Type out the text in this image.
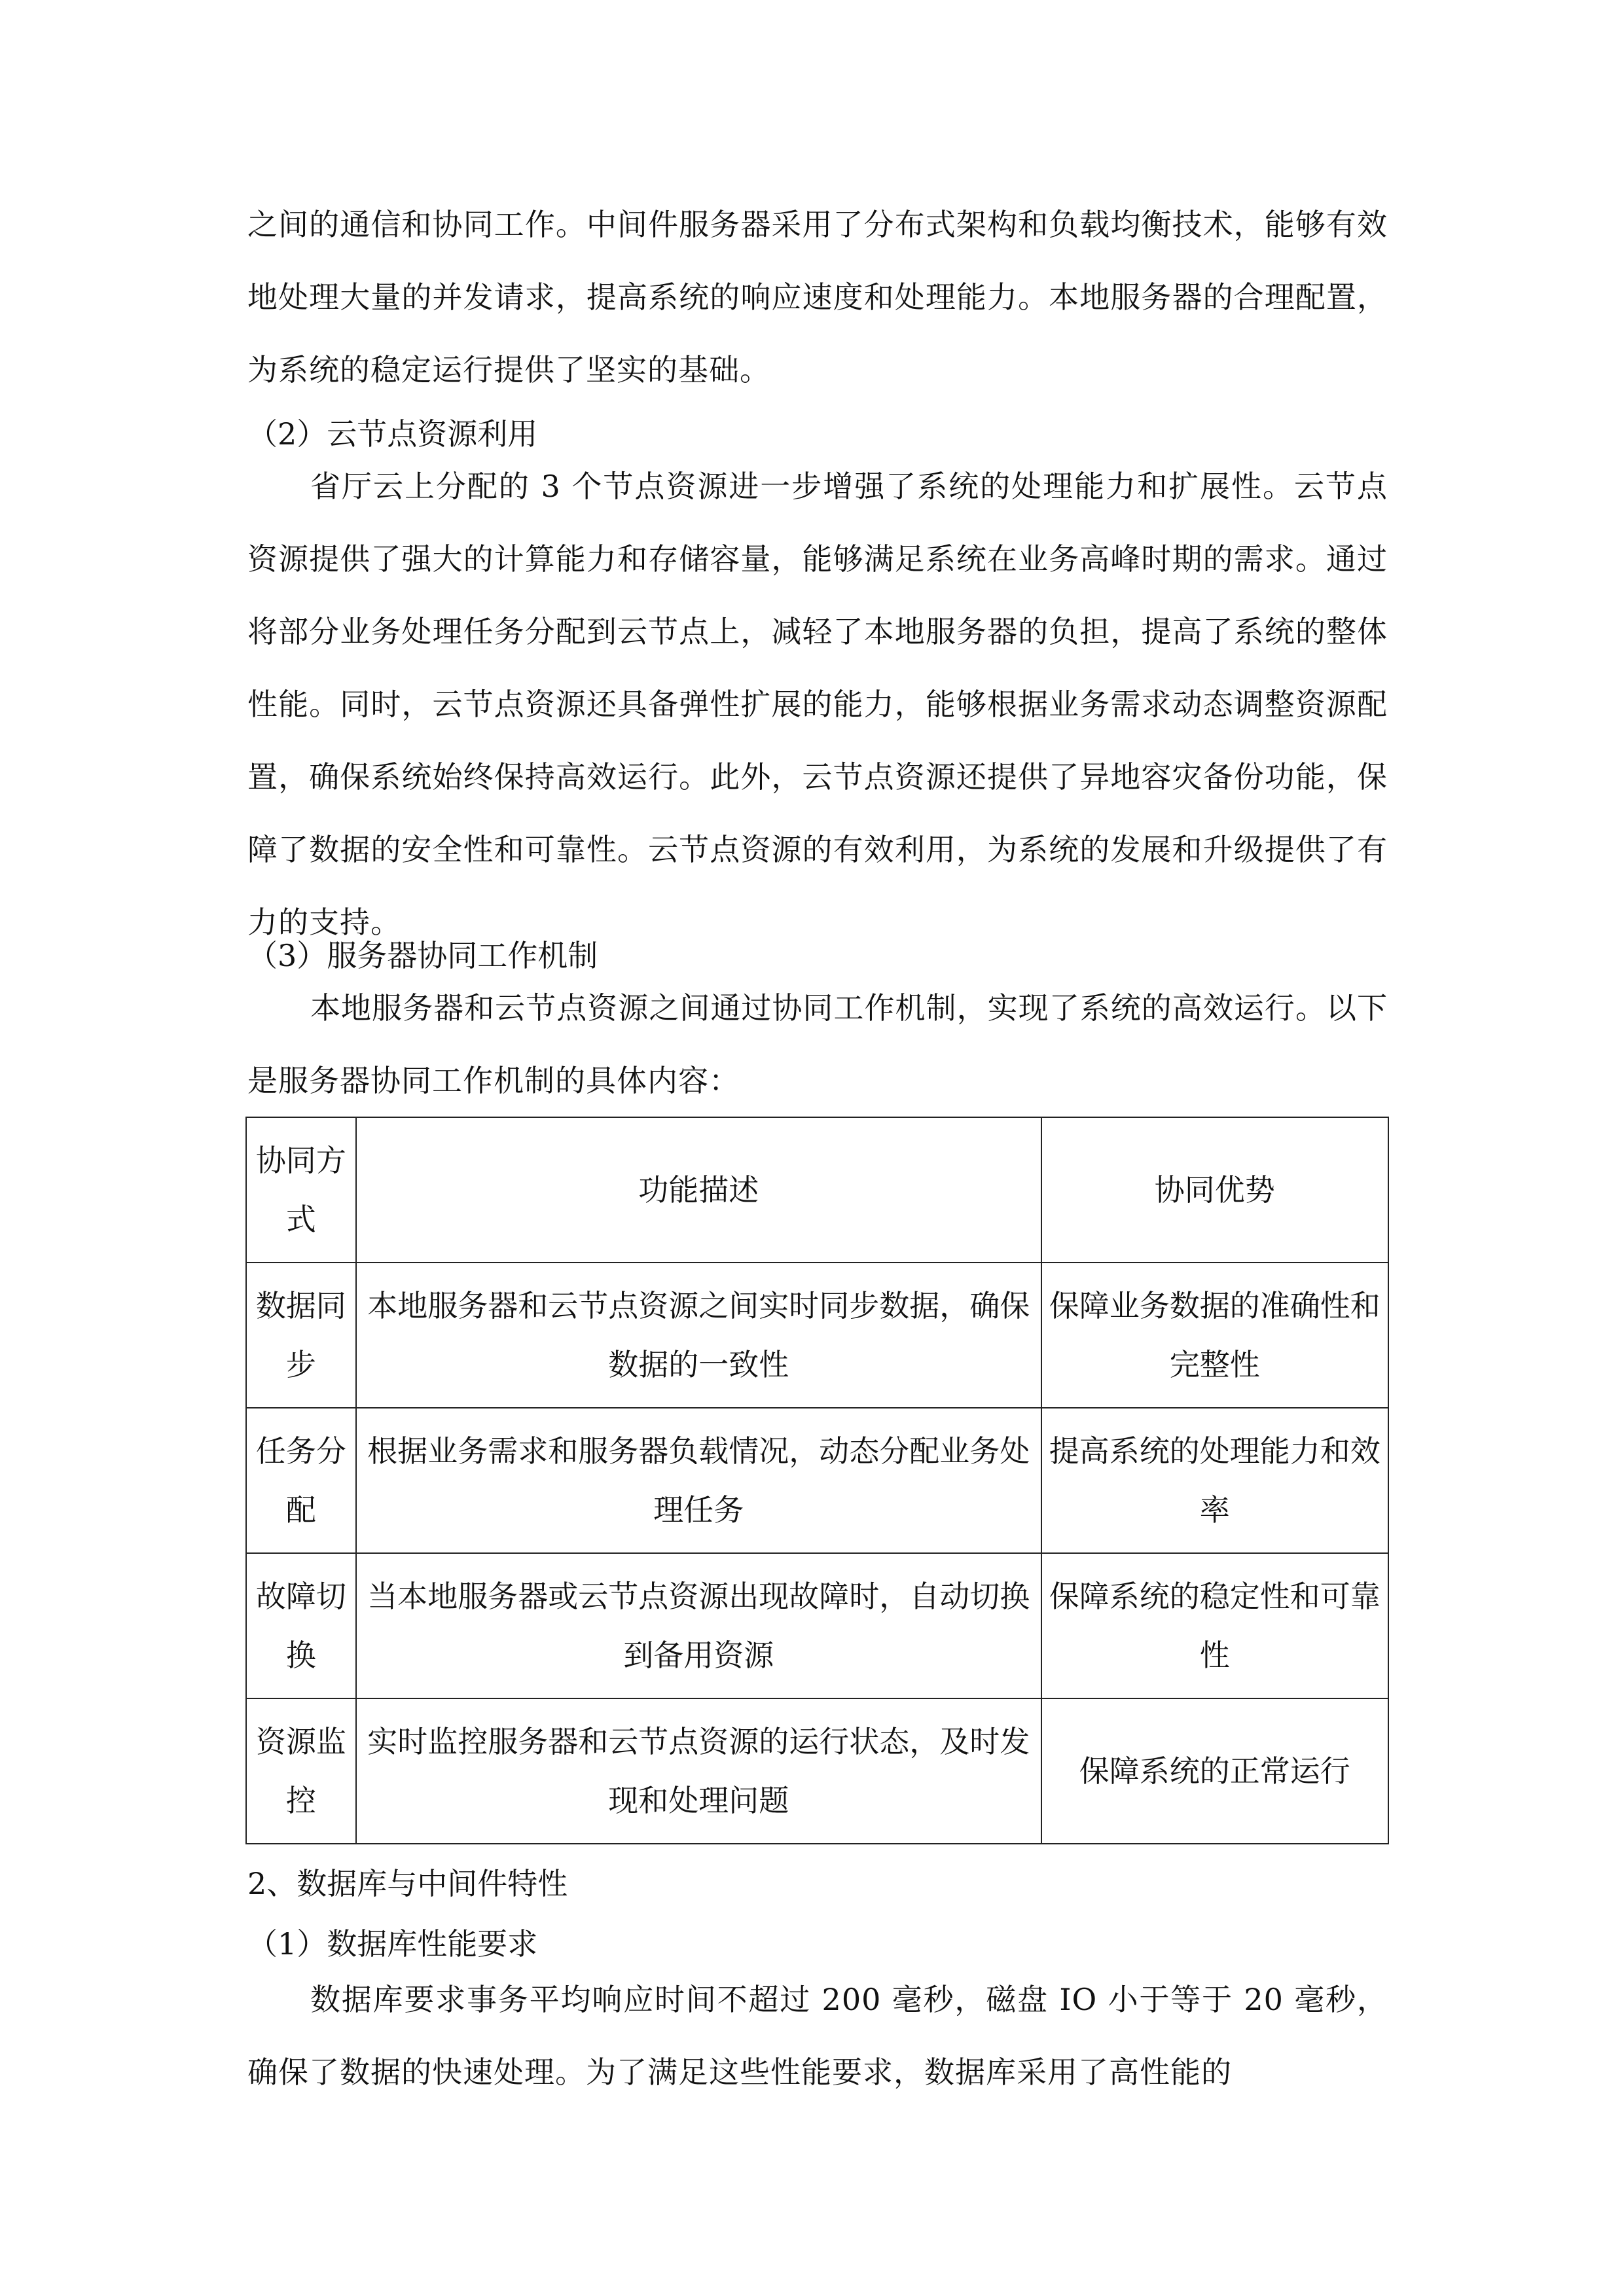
之间的通信和协同工作。中间件服务器采用了分布式架构和负载均衡技术，能够有效地处理大量的并发请求，提高系统的响应速度和处理能力。本地服务器的合理配置，为系统的稳定运行提供了坚实的基础。

（2）云节点资源利用

省厅云上分配的 3 个节点资源进一步增强了系统的处理能力和扩展性。云节点资源提供了强大的计算能力和存储容量，能够满足系统在业务高峰时期的需求。通过将部分业务处理任务分配到云节点上，减轻了本地服务器的负担，提高了系统的整体性能。同时，云节点资源还具备弹性扩展的能力，能够根据业务需求动态调整资源配置，确保系统始终保持高效运行。此外，云节点资源还提供了异地容灾备份功能，保障了数据的安全性和可靠性。云节点资源的有效利用，为系统的发展和升级提供了有力的支持。

（3）服务器协同工作机制

本地服务器和云节点资源之间通过协同工作机制，实现了系统的高效运行。以下是服务器协同工作机制的具体内容：

协同方式	功能描述	协同优势
数据同步	本地服务器和云节点资源之间实时同步数据，确保数据的一致性	保障业务数据的准确性和完整性
任务分配	根据业务需求和服务器负载情况，动态分配业务处理任务	提高系统的处理能力和效率
故障切换	当本地服务器或云节点资源出现故障时，自动切换到备用资源	保障系统的稳定性和可靠性
资源监控	实时监控服务器和云节点资源的运行状态，及时发现和处理问题	保障系统的正常运行

2、数据库与中间件特性

（1）数据库性能要求

数据库要求事务平均响应时间不超过 200 毫秒，磁盘 IO 小于等于 20 毫秒，确保了数据的快速处理。为了满足这些性能要求，数据库采用了高性能的
